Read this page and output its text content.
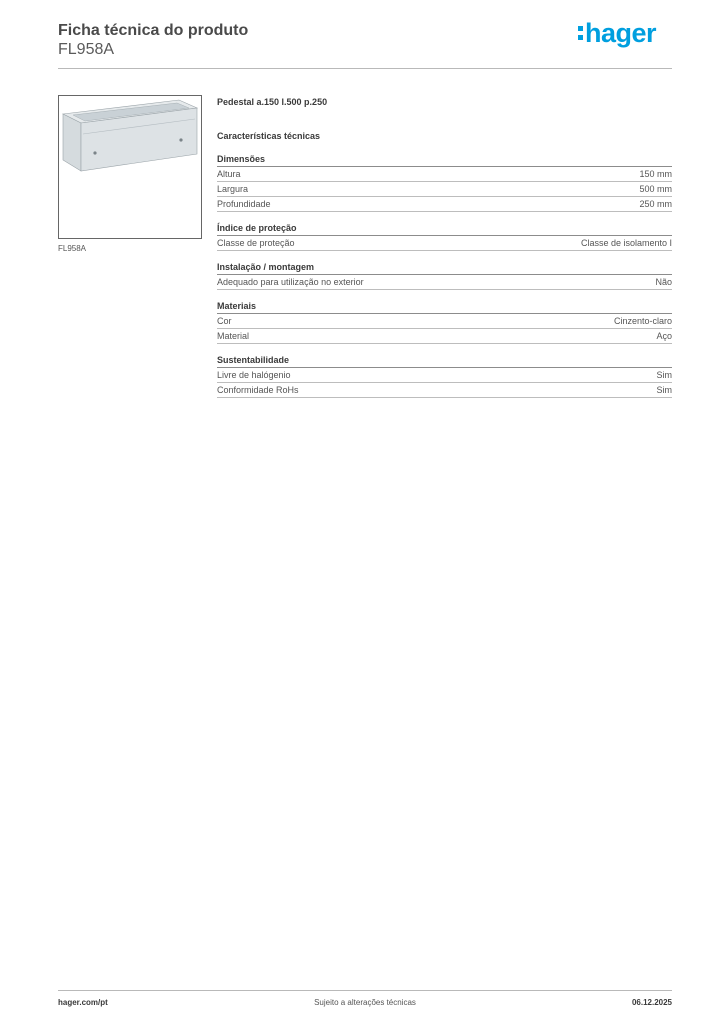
Ficha técnica do produto
FL958A
hager
FL958A
Pedestal a.150 l.500 p.250
Características técnicas
Dimensões
Altura	150 mm
Largura	500 mm
Profundidade	250 mm
Índice de proteção
Classe de proteção	Classe de isolamento I
Instalação / montagem
Adequado para utilização no exterior	Não
Materiais
Cor	Cinzento-claro
Material	Aço
Sustentabilidade
Livre de halógenio	Sim
Conformidade RoHs	Sim
hager.com/pt	Sujeito a alterações técnicas	06.12.2025
